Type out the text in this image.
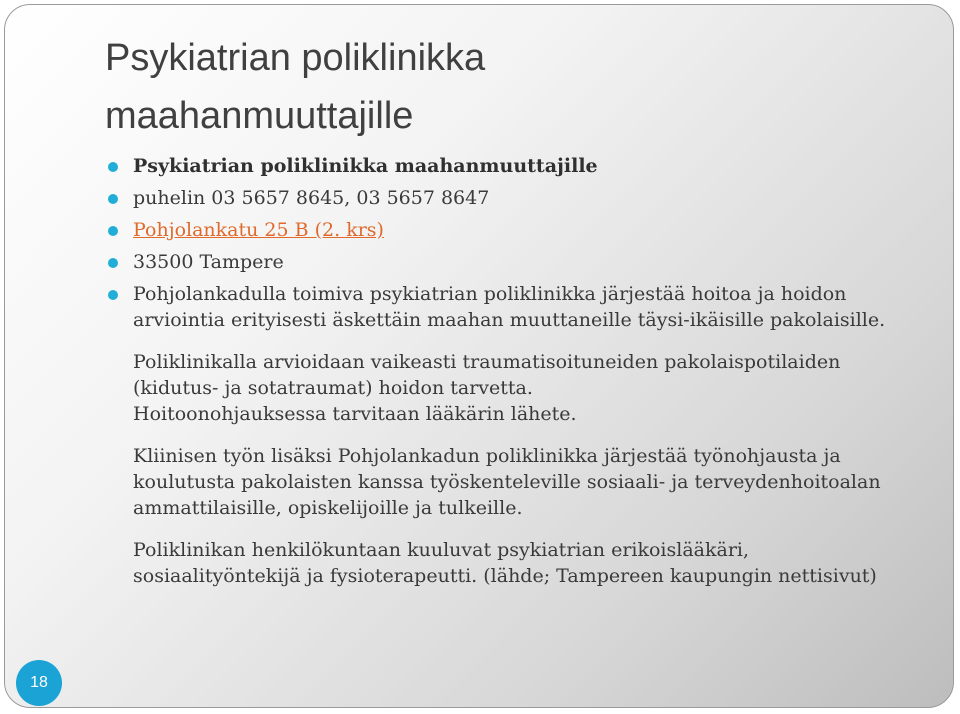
Psykiatrian poliklinikka
maahanmuuttajille
Psykiatrian poliklinikka maahanmuuttajille
puhelin 03 5657 8645, 03 5657 8647
Pohjolankatu 25 B (2. krs)
33500 Tampere
Pohjolankadulla toimiva psykiatrian poliklinikka järjestää hoitoa ja hoidon
arviointia erityisesti äskettäin maahan muuttaneille täysi-ikäisille pakolaisille.
Poliklinikalla arvioidaan vaikeasti traumatisoituneiden pakolaispotilaiden
(kidutus- ja sotatraumat) hoidon tarvetta.
Hoitoonohjauksessa tarvitaan lääkärin lähete.
Kliinisen työn lisäksi Pohjolankadun poliklinikka järjestää työnohjausta ja
koulutusta pakolaisten kanssa työskenteleville sosiaali- ja terveydenhoitoalan
ammattilaisille, opiskelijoille ja tulkeille.
Poliklinikan henkilökuntaan kuuluvat psykiatrian erikoislääkäri,
sosiaalityöntekijä ja fysioterapeutti. (lähde; Tampereen kaupungin nettisivut)
18
